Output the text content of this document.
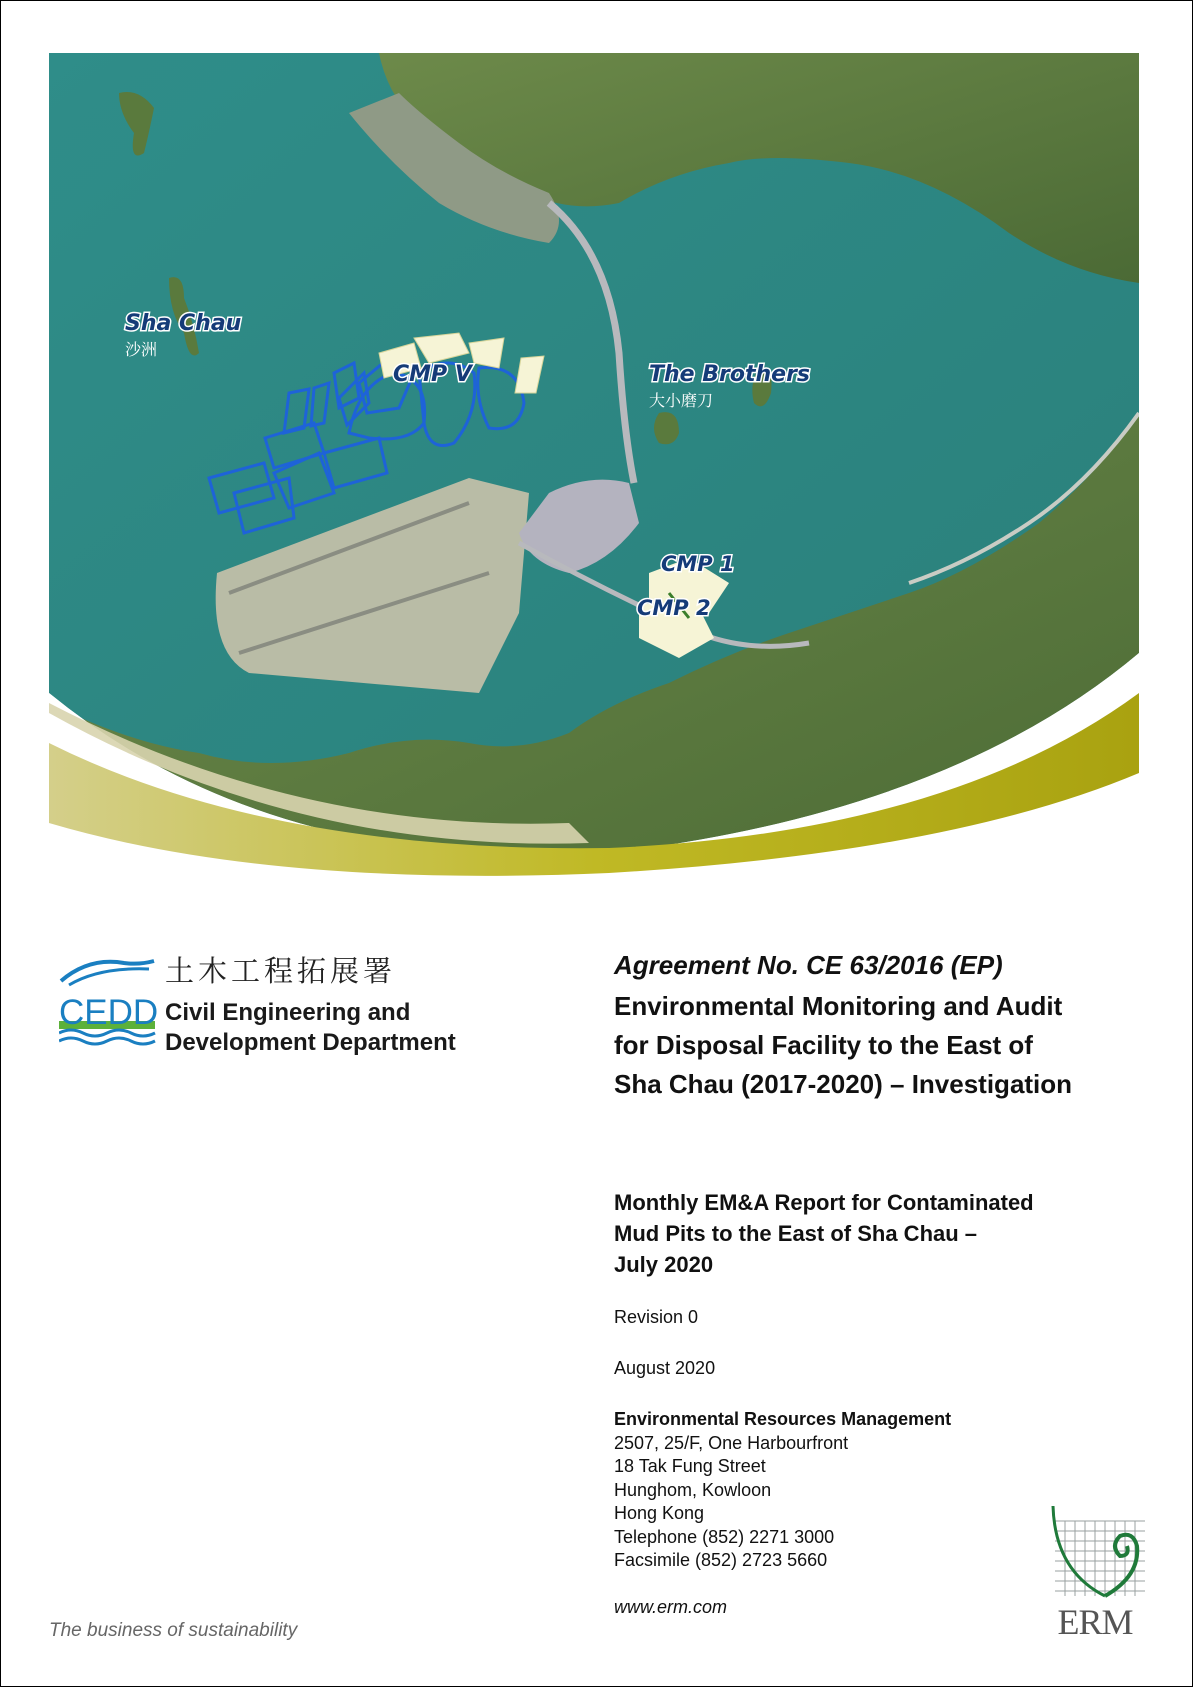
Sha Chau
沙洲
CMP V	The Brothers
大小磨刀
CMP 1
CMP 2
CEDD
土木工程拓展署
Civil Engineering and
Development Department

Agreement No. CE 63/2016 (EP)

Environmental Monitoring and Audit

for Disposal Facility to the East of

Sha Chau (2017-2020) – Investigation

Monthly EM&A Report for Contaminated

Mud Pits to the East of Sha Chau –

July 2020

Revision 0
August 2020
Environmental Resources Management
2507, 25/F, One Harbourfront
18 Tak Fung Street
Hunghom, Kowloon
Hong Kong
Telephone (852) 2271 3000
Facsimile (852) 2723 5660
www.erm.com
The business of sustainability	ERM
